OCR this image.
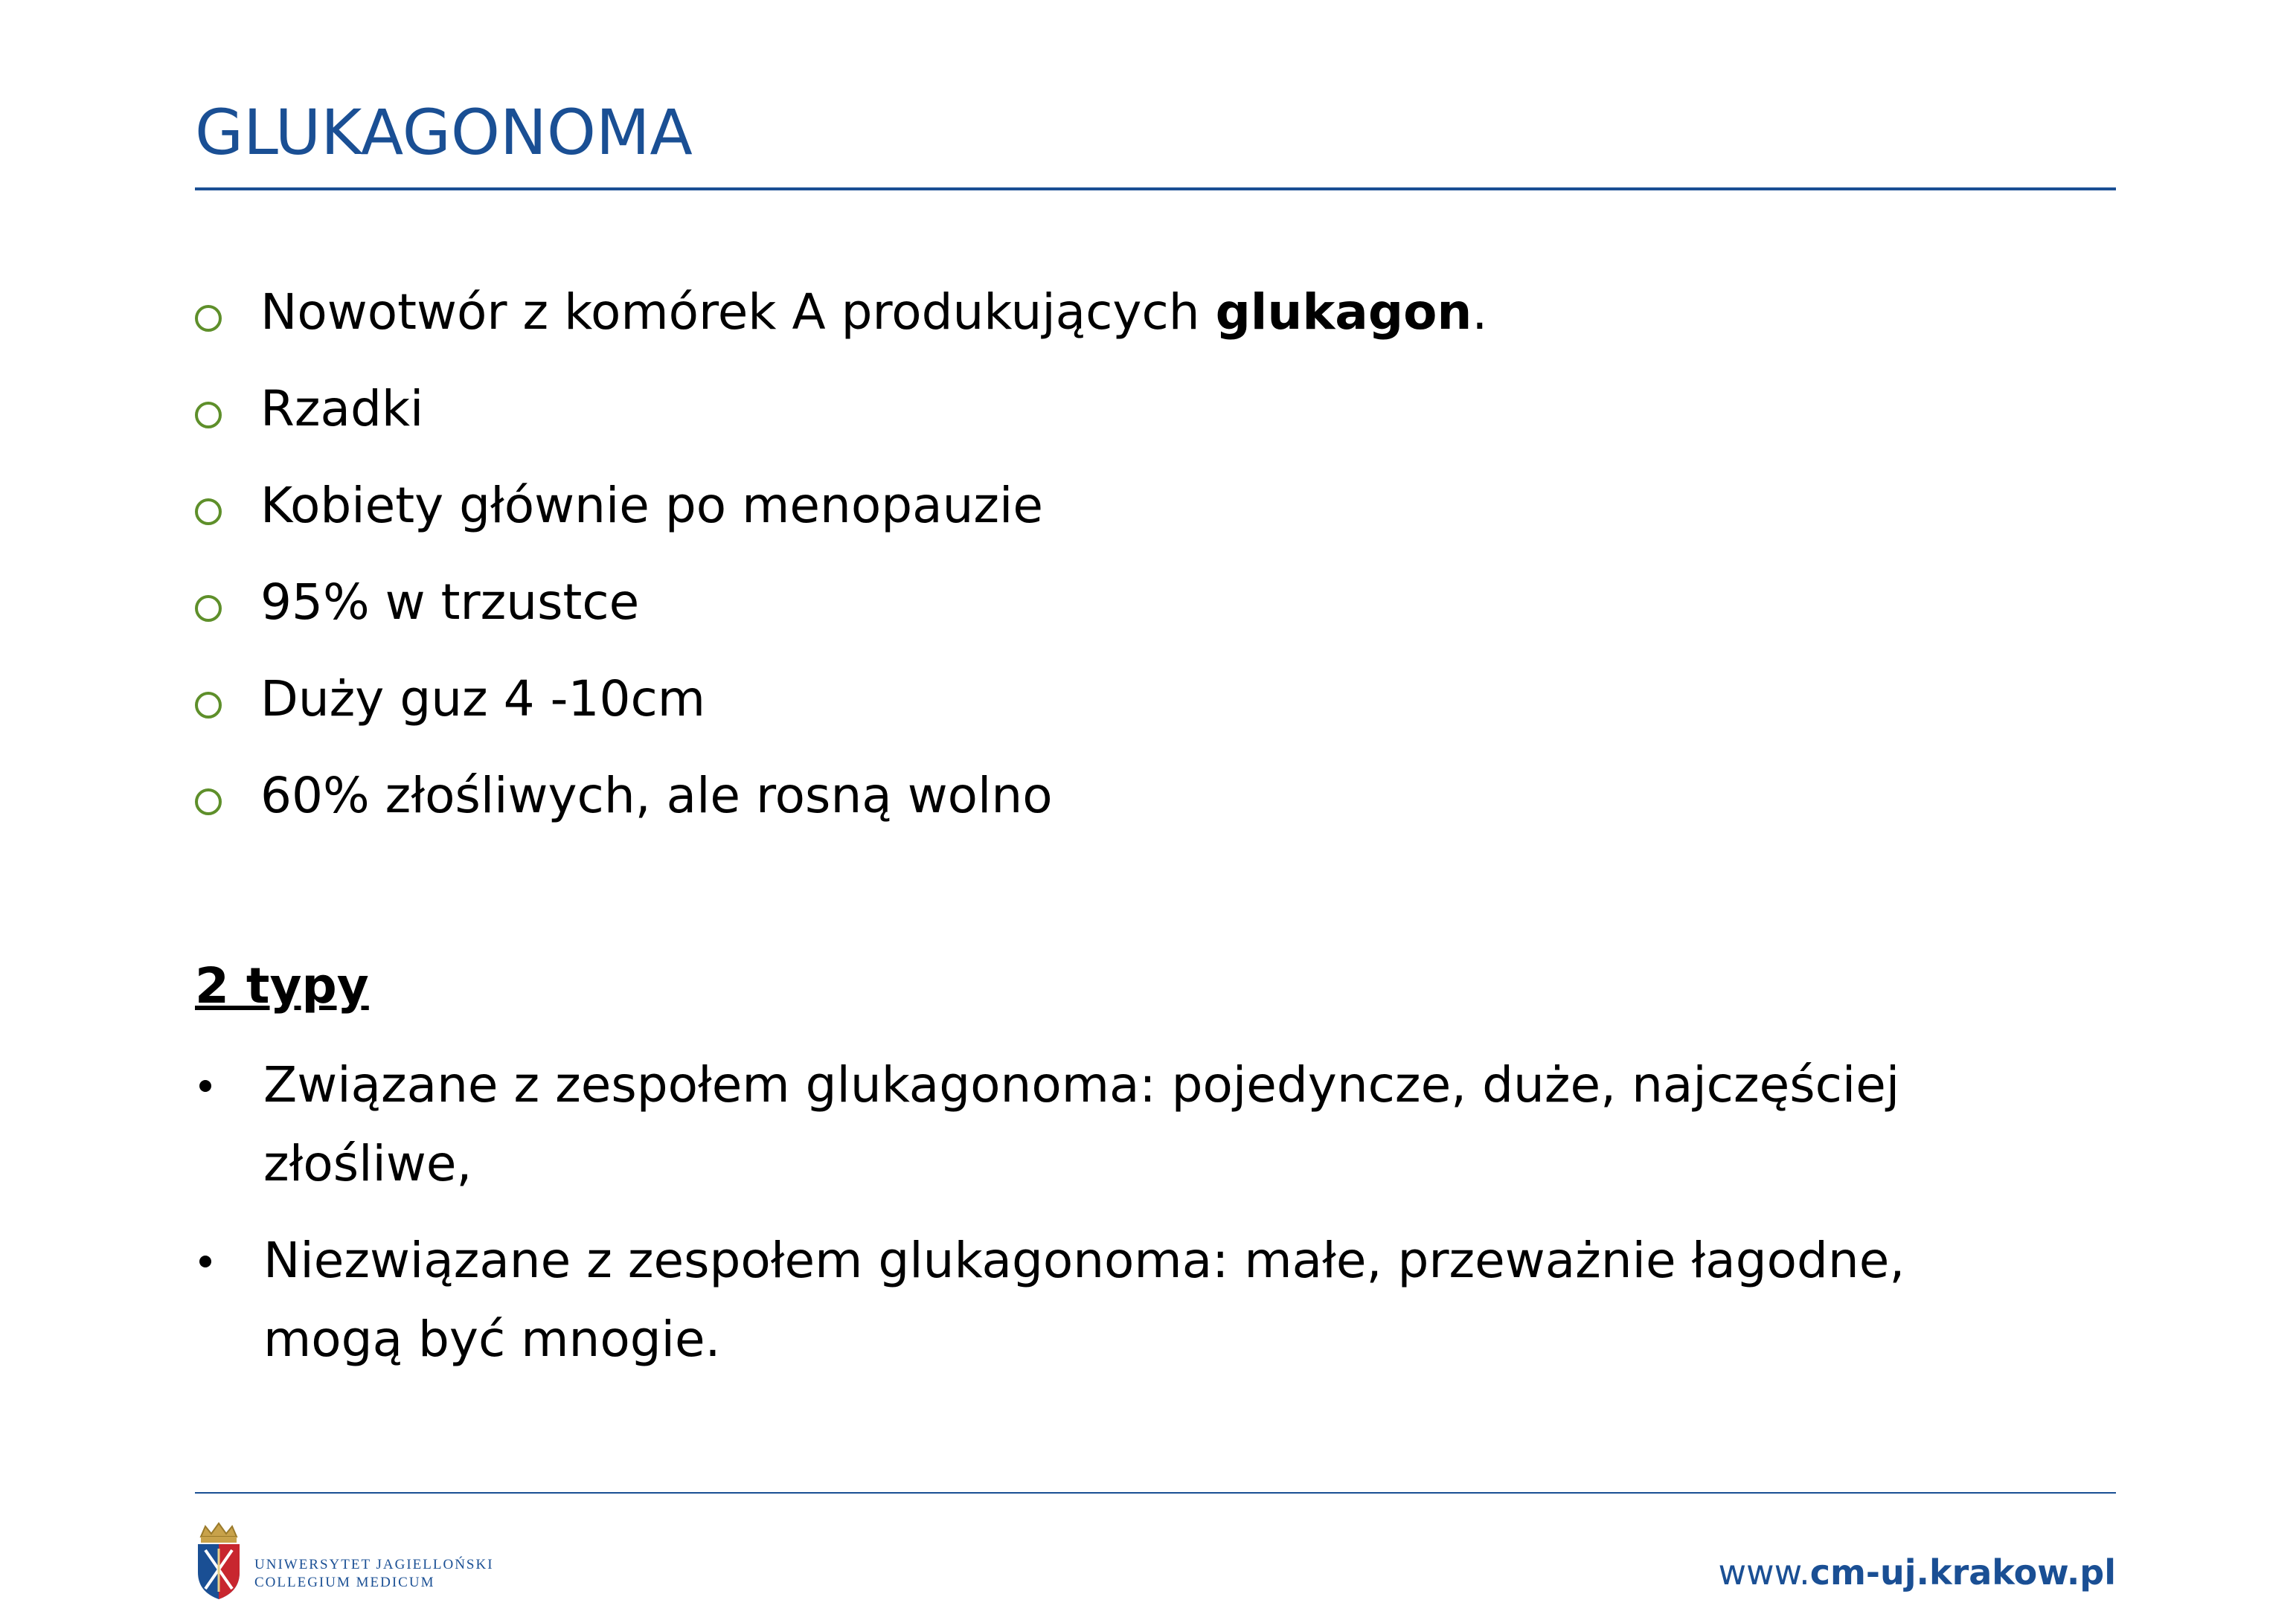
GLUKAGONOMA
Nowotwór z komórek A produkujących glukagon.
Rzadki
Kobiety głównie po menopauzie
95% w trzustce
Duży guz 4 -10cm
60% złośliwych, ale rosną wolno
2 typy
Związane z zespołem glukagonoma: pojedyncze, duże, najczęściej złośliwe,
Niezwiązane z zespołem glukagonoma: małe, przeważnie łagodne, mogą być mnogie.
UNIWERSYTET JAGIELLOŃSKI
COLLEGIUM MEDICUM	www.cm-uj.krakow.pl
